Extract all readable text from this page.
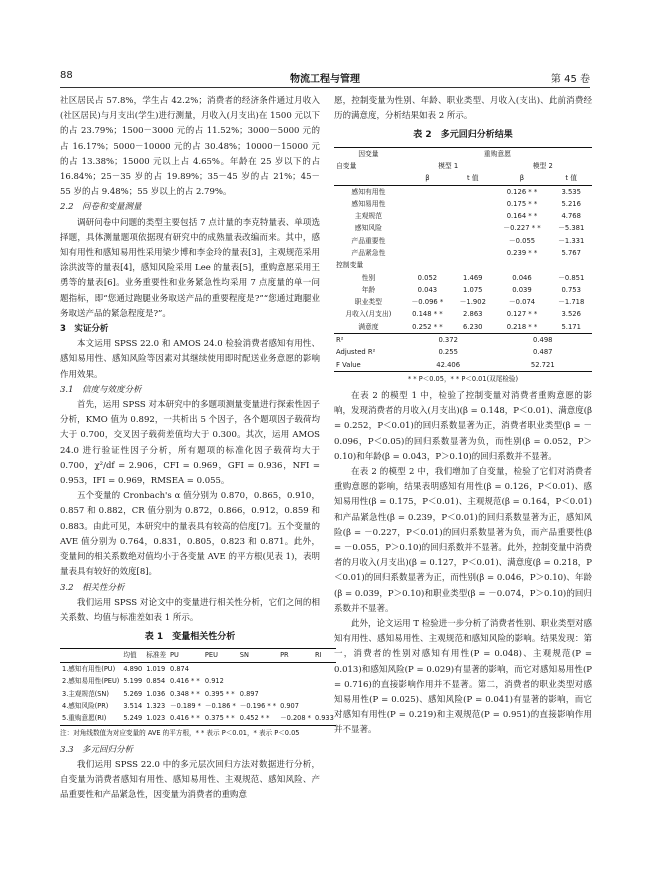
88	物流工程与管理	第 45 卷

社区居民占 57.8%，学生占 42.2%；消费者的经济条件通过月收入(社区居民)与月支出(学生)进行测量，月收入(月支出)在 1500 元以下的占 23.79%；1500－3000 元的占 11.52%；3000－5000 元的占 16.17%；5000－10000 元的占 30.48%；10000－15000 元的占 13.38%；15000 元以上占 4.65%。年龄在 25 岁以下的占 16.84%；25－35 岁的占 19.89%；35－45 岁的占 21%；45－55 岁的占 9.48%；55 岁以上的占 2.79%。

2.2　问卷和变量测量

调研问卷中问题的类型主要包括 7 点计量的李克特量表、单项选择题，具体测量题项依据现有研究中的成熟量表改编而来。其中，感知有用性和感知易用性采用梁少博和李金玲的量表[3]，主观规范采用涂洪波等的量表[4]，感知风险采用 Lee 的量表[5]，重购意愿采用王勇等的量表[6]。业务重要性和业务紧急性均采用 7 点度量的单一问题指标，即“您通过跑腿业务取送产品的重要程度是?”“您通过跑腿业务取送产品的紧急程度是?”。

3　实证分析

本文运用 SPSS 22.0 和 AMOS 24.0 检验消费者感知有用性、感知易用性、感知风险等因素对其继续使用即时配送业务意愿的影响作用效果。

3.1　信度与效度分析

首先，运用 SPSS 对本研究中的多题项测量变量进行探索性因子分析，KMO 值为 0.892，一共析出 5 个因子，各个题项因子载荷均大于 0.700，交叉因子载荷差值均大于 0.300。其次，运用 AMOS 24.0 进行验证性因子分析，所有题项的标准化因子载荷均大于 0.700，χ²/df = 2.906，CFI = 0.969，GFI = 0.936，NFI = 0.953，IFI = 0.969，RMSEA = 0.055。

五个变量的 Cronbach's α 值分别为 0.870，0.865，0.910，0.857 和 0.882，CR 值分别为 0.872，0.866，0.912，0.859 和 0.883。由此可见，本研究中的量表具有较高的信度[7]。五个变量的 AVE 值分别为 0.764，0.831，0.805，0.823 和 0.871。此外，变量间的相关系数绝对值均小于各变量 AVE 的平方根(见表 1)，表明量表具有较好的效度[8]。

3.2　相关性分析

我们运用 SPSS 对论文中的变量进行相关性分析，它们之间的相关系数、均值与标准差如表 1 所示。

表 1　变量相关性分析
	均值	标准差	PU	PEU	SN	PR	RI
1.感知有用性(PU)	4.890	1.019	0.874				
2.感知易用性(PEU)	5.199	0.854	0.416 * *	0.912			
3.主观规范(SN)	5.269	1.036	0.348 * *	0.395 * *	0.897		
4.感知风险(PR)	3.514	1.323	－0.189 *	－0.186 *	－0.196 * *	0.907	
5.重购意愿(RI)	5.249	1.023	0.416 * *	0.375 * *	0.452 * *	－0.208 *	0.933
注：对角线数值为对应变量的 AVE 的平方根，* * 表示 P＜0.01，* 表示 P＜0.05

3.3　多元回归分析

我们运用 SPSS 22.0 中的多元层次回归方法对数据进行分析，自变量为消费者感知有用性、感知易用性、主观规范、感知风险、产品重要性和产品紧急性，因变量为消费者的重购意

愿，控制变量为性别、年龄、职业类型、月收入(支出)、此前消费经历的满意度，分析结果如表 2 所示。

表 2　多元回归分析结果
因变量	重购意愿			
自变量	模型 1		模型 2	
	β	t 值	β	t 值
感知有用性			0.126 * *	3.535
感知易用性			0.175 * *	5.216
主观规范			0.164 * *	4.768
感知风险			－0.227 * *	－5.381
产品重要性			－0.055	－1.331
产品紧急性			0.239 * *	5.767
控制变量				
性别	0.052	1.469	0.046	－0.851
年龄	0.043	1.075	0.039	0.753
职业类型	－0.096 *	－1.902	－0.074	－1.718
月收入(月支出)	0.148 * *	2.863	0.127 * *	3.526
满意度	0.252 * *	6.230	0.218 * *	5.171
R²	0.372		0.498	
Adjusted R²	0.255		0.487	
F Value	42.406		52.721	
* * P＜0.05，* * P＜0.01(双尾检验)

在表 2 的模型 1 中，检验了控制变量对消费者重购意愿的影响，发现消费者的月收入(月支出)(β = 0.148，P＜0.01)、满意度(β = 0.252，P＜0.01)的回归系数显著为正，消费者职业类型(β = －0.096，P＜0.05)的回归系数显著为负，而性别(β = 0.052，P＞0.10)和年龄(β = 0.043，P＞0.10)的回归系数并不显著。

在表 2 的模型 2 中，我们增加了自变量，检验了它们对消费者重购意愿的影响，结果表明感知有用性(β = 0.126，P＜0.01)、感知易用性(β = 0.175，P＜0.01)、主观规范(β = 0.164，P＜0.01)和产品紧急性(β = 0.239，P＜0.01)的回归系数显著为正，感知风险(β = －0.227，P＜0.01)的回归系数显著为负，而产品重要性(β = －0.055，P＞0.10)的回归系数并不显著。此外，控制变量中消费者的月收入(月支出)(β = 0.127，P＜0.01)、满意度(β = 0.218，P＜0.01)的回归系数显著为正，而性别(β = 0.046，P＞0.10)、年龄(β = 0.039，P＞0.10)和职业类型(β = －0.074，P＞0.10)的回归系数并不显著。

此外，论文运用 T 检验进一步分析了消费者性别、职业类型对感知有用性、感知易用性、主观规范和感知风险的影响。结果发现：第一，消费者的性别对感知有用性(P = 0.048)、主观规范(P = 0.013)和感知风险(P = 0.029)有显著的影响，而它对感知易用性(P = 0.716)的直接影响作用并不显著。第二，消费者的职业类型对感知易用性(P = 0.025)、感知风险(P = 0.041)有显著的影响，而它对感知有用性(P = 0.219)和主观规范(P = 0.951)的直接影响作用并不显著。
